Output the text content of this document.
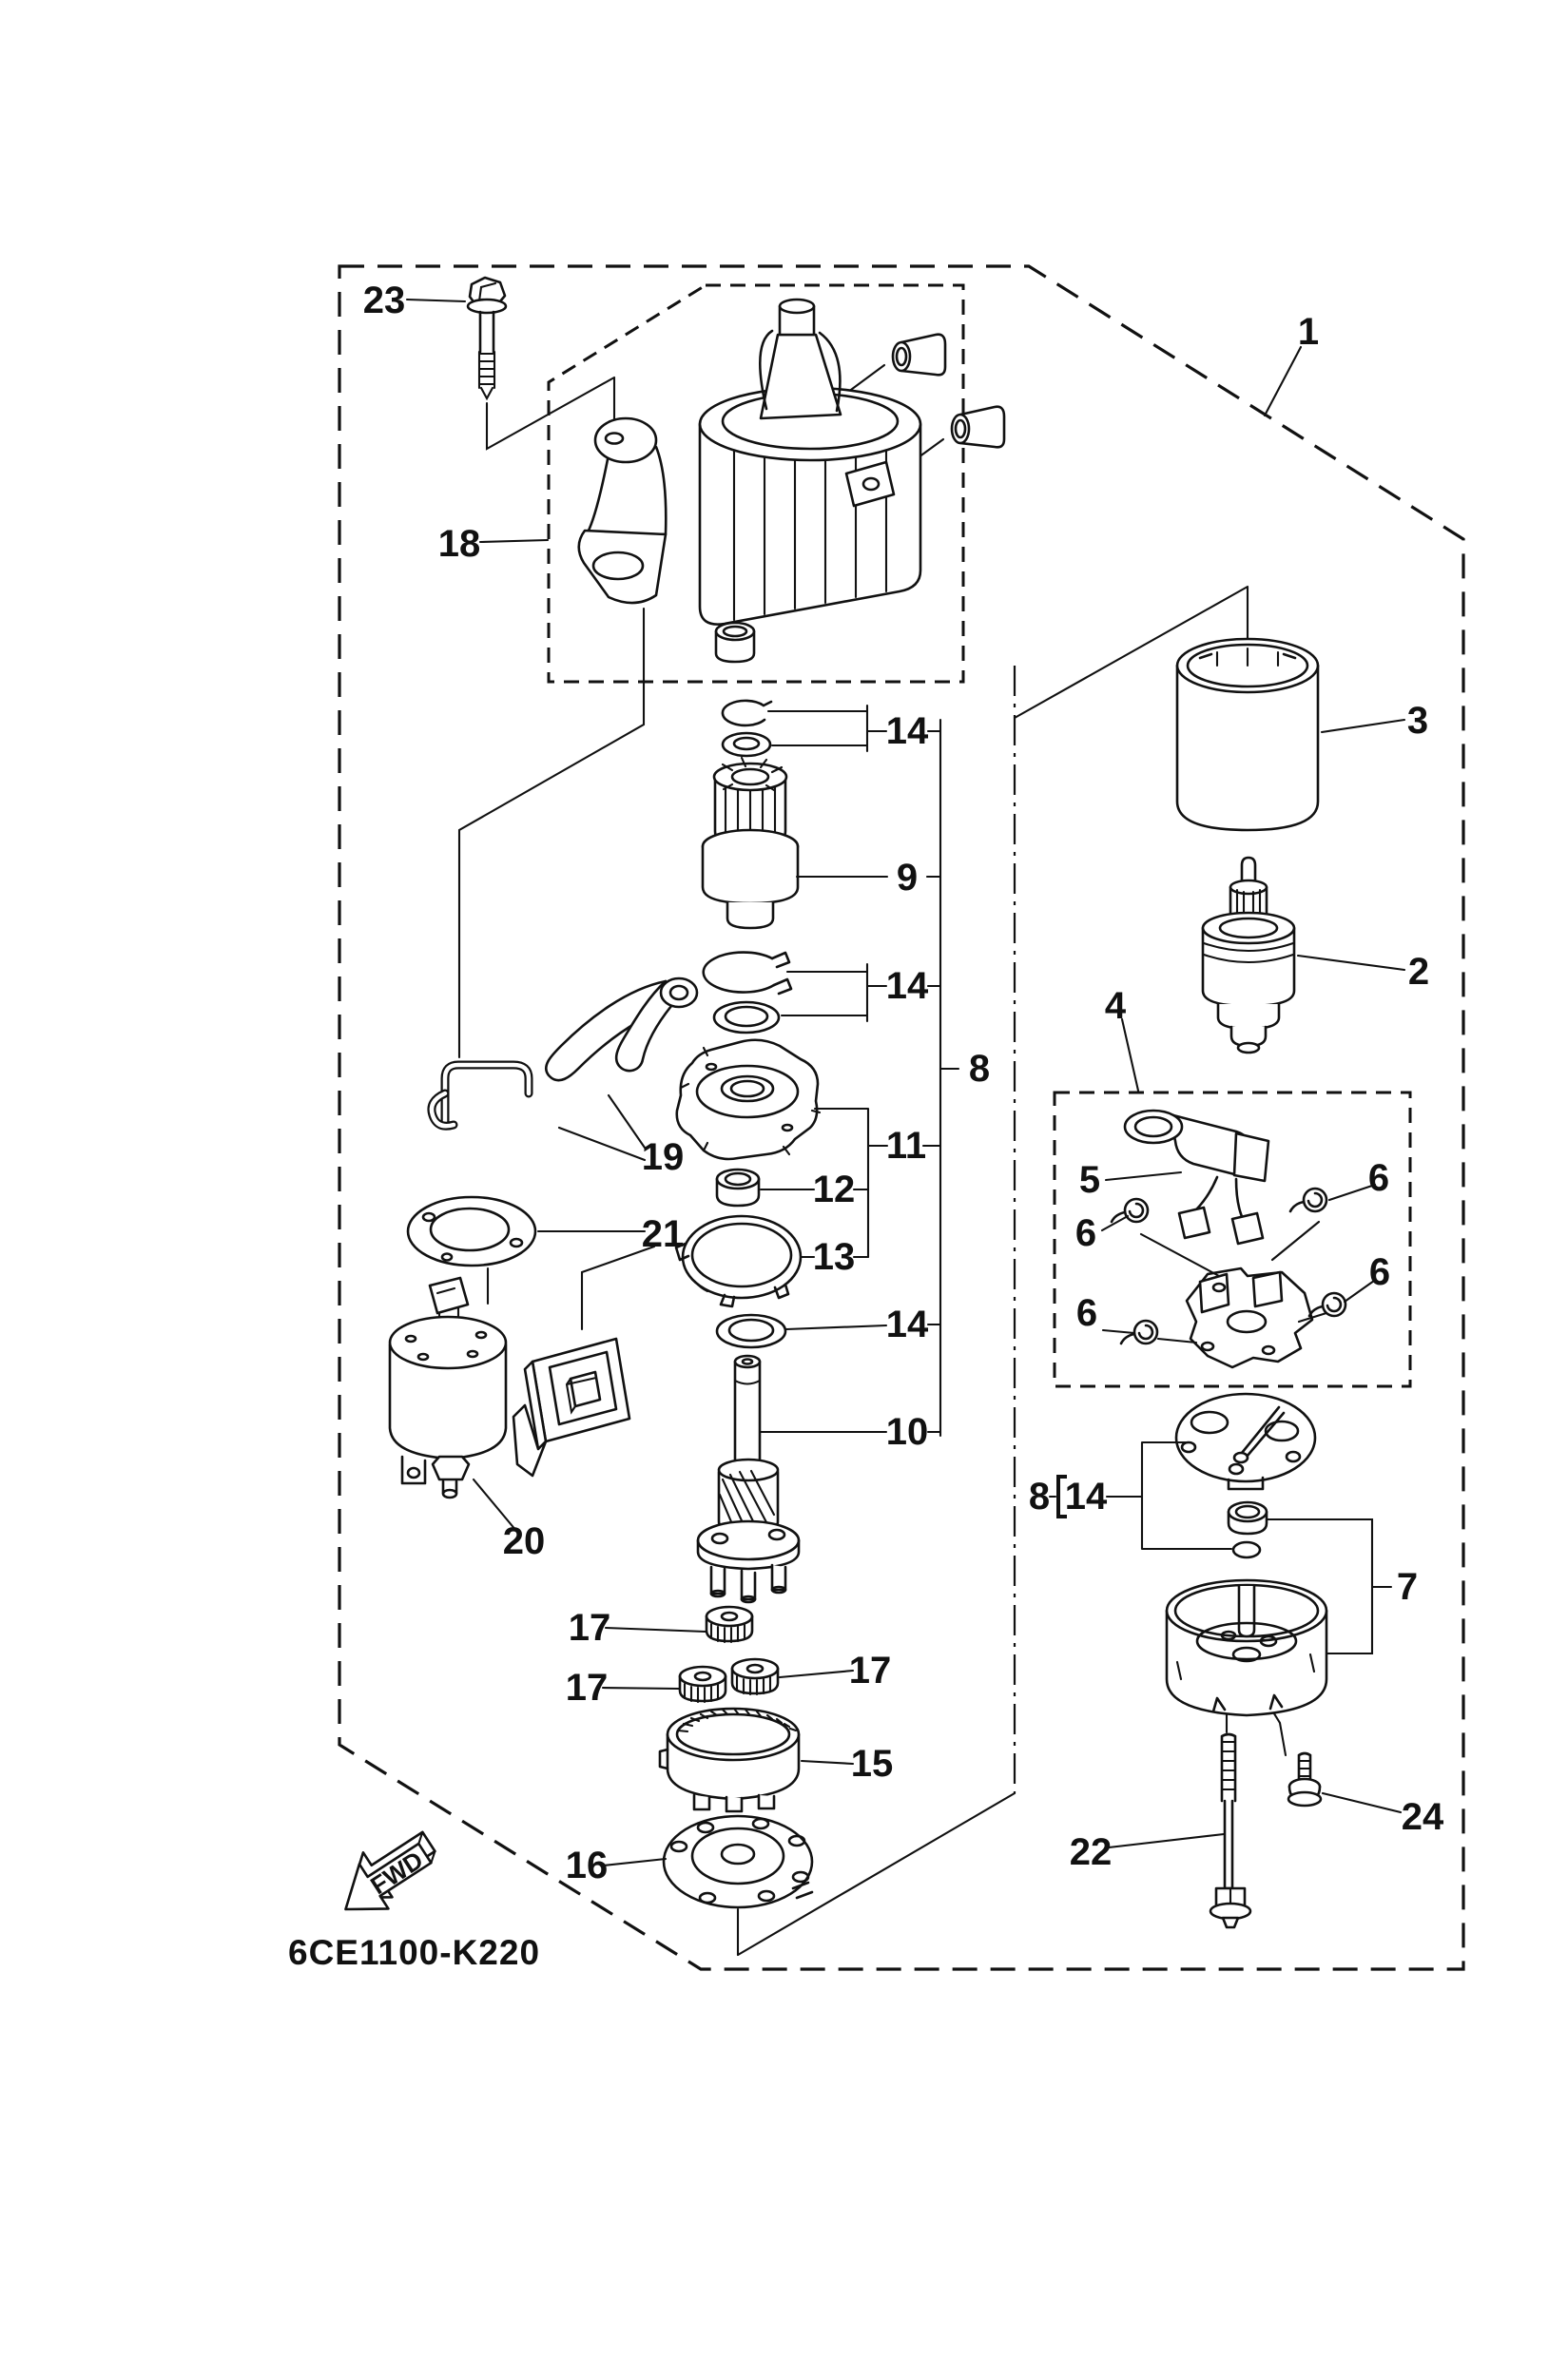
FWD
1
2
3
4
5	6
6
6
6
7
8
8
9
10
11
12
13
14
14
14
14
15
16
17
17	17
18
19
20
21
22
23
24
6CE1100-K220
